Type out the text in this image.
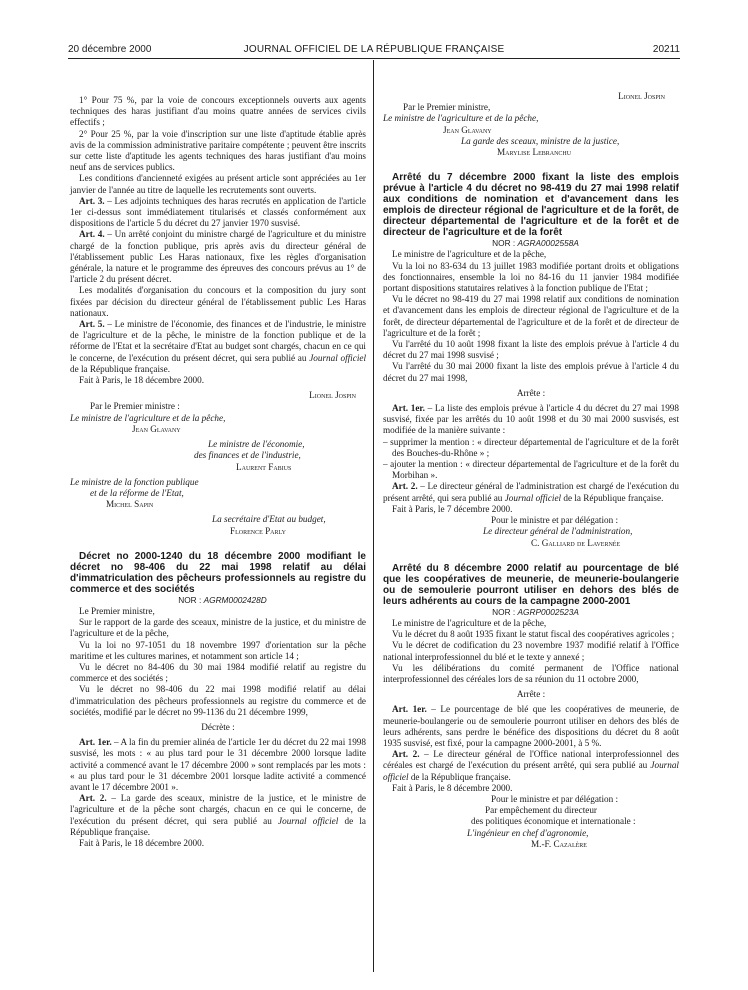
20 décembre 2000	JOURNAL OFFICIEL DE LA RÉPUBLIQUE FRANÇAISE	20211

1° Pour 75 %, par la voie de concours exceptionnels ouverts aux agents techniques des haras justifiant d'au moins quatre années de services civils effectifs ;

2° Pour 25 %, par la voie d'inscription sur une liste d'aptitude établie après avis de la commission administrative paritaire compétente ; peuvent être inscrits sur cette liste d'aptitude les agents techniques des haras justifiant d'au moins neuf ans de services publics.

Les conditions d'ancienneté exigées au présent article sont appréciées au 1er janvier de l'année au titre de laquelle les recrutements sont ouverts.

Art. 3. – Les adjoints techniques des haras recrutés en application de l'article 1er ci-dessus sont immédiatement titularisés et classés conformément aux dispositions de l'article 5 du décret du 27 janvier 1970 susvisé.

Art. 4. – Un arrêté conjoint du ministre chargé de l'agriculture et du ministre chargé de la fonction publique, pris après avis du directeur général de l'établissement public Les Haras nationaux, fixe les règles d'organisation générale, la nature et le programme des épreuves des concours prévus au 1° de l'article 2 du présent décret.

Les modalités d'organisation du concours et la composition du jury sont fixées par décision du directeur général de l'établissement public Les Haras nationaux.

Art. 5. – Le ministre de l'économie, des finances et de l'industrie, le ministre de l'agriculture et de la pêche, le ministre de la fonction publique et de la réforme de l'Etat et la secrétaire d'Etat au budget sont chargés, chacun en ce qui le concerne, de l'exécution du présent décret, qui sera publié au Journal officiel de la République française.

Fait à Paris, le 18 décembre 2000.

Lionel Jospin

Par le Premier ministre :

Le ministre de l'agriculture et de la pêche,

Jean Glavany

Le ministre de l'économie,

des finances et de l'industrie,

Laurent Fabius

Le ministre de la fonction publique

et de la réforme de l'Etat,

Michel Sapin

La secrétaire d'Etat au budget,

Florence Parly

Décret no 2000-1240 du 18 décembre 2000 modifiant le décret no 98-406 du 22 mai 1998 relatif au délai d'immatriculation des pêcheurs professionnels au registre du commerce et des sociétés

NOR : AGRM0002428D

Le Premier ministre,

Sur le rapport de la garde des sceaux, ministre de la justice, et du ministre de l'agriculture et de la pêche,

Vu la loi no 97-1051 du 18 novembre 1997 d'orientation sur la pêche maritime et les cultures marines, et notamment son article 14 ;

Vu le décret no 84-406 du 30 mai 1984 modifié relatif au registre du commerce et des sociétés ;

Vu le décret no 98-406 du 22 mai 1998 modifié relatif au délai d'immatriculation des pêcheurs professionnels au registre du commerce et de sociétés, modifié par le décret no 99-1136 du 21 décembre 1999,

Décrète :

Art. 1er. – A la fin du premier alinéa de l'article 1er du décret du 22 mai 1998 susvisé, les mots : « au plus tard pour le 31 décembre 2000 lorsque ladite activité a commencé avant le 17 décembre 2000 » sont remplacés par les mots : « au plus tard pour le 31 décembre 2001 lorsque ladite activité a commencé avant le 17 décembre 2001 ».

Art. 2. – La garde des sceaux, ministre de la justice, et le ministre de l'agriculture et de la pêche sont chargés, chacun en ce qui le concerne, de l'exécution du présent décret, qui sera publié au Journal officiel de la République française.

Fait à Paris, le 18 décembre 2000.

Lionel Jospin

Par le Premier ministre,

Le ministre de l'agriculture et de la pêche,

Jean Glavany

La garde des sceaux, ministre de la justice,

Marylise Lebranchu

Arrêté du 7 décembre 2000 fixant la liste des emplois prévue à l'article 4 du décret no 98-419 du 27 mai 1998 relatif aux conditions de nomination et d'avancement dans les emplois de directeur régional de l'agriculture et de la forêt, de directeur départemental de l'agriculture et de la forêt et de directeur de l'agriculture et de la forêt

NOR : AGRA0002558A

Le ministre de l'agriculture et de la pêche,

Vu la loi no 83-634 du 13 juillet 1983 modifiée portant droits et obligations des fonctionnaires, ensemble la loi no 84-16 du 11 janvier 1984 modifiée portant dispositions statutaires relatives à la fonction publique de l'Etat ;

Vu le décret no 98-419 du 27 mai 1998 relatif aux conditions de nomination et d'avancement dans les emplois de directeur régional de l'agriculture et de la forêt, de directeur départemental de l'agriculture et de la forêt et de directeur de l'agriculture et de la forêt ;

Vu l'arrêté du 10 août 1998 fixant la liste des emplois prévue à l'article 4 du décret du 27 mai 1998 susvisé ;

Vu l'arrêté du 30 mai 2000 fixant la liste des emplois prévue à l'article 4 du décret du 27 mai 1998,

Arrête :

Art. 1er. – La liste des emplois prévue à l'article 4 du décret du 27 mai 1998 susvisé, fixée par les arrêtés du 10 août 1998 et du 30 mai 2000 susvisés, est modifiée de la manière suivante :

– supprimer la mention : « directeur départemental de l'agriculture et de la forêt des Bouches-du-Rhône » ;

– ajouter la mention : « directeur départemental de l'agriculture et de la forêt du Morbihan ».

Art. 2. – Le directeur général de l'administration est chargé de l'exécution du présent arrêté, qui sera publié au Journal officiel de la République française.

Fait à Paris, le 7 décembre 2000.

Pour le ministre et par délégation :

Le directeur général de l'administration,

C. Galliard de Lavernée

Arrêté du 8 décembre 2000 relatif au pourcentage de blé que les coopératives de meunerie, de meunerie-boulangerie ou de semoulerie pourront utiliser en dehors des blés de leurs adhérents au cours de la campagne 2000-2001

NOR : AGRP0002523A

Le ministre de l'agriculture et de la pêche,

Vu le décret du 8 août 1935 fixant le statut fiscal des coopératives agricoles ;

Vu le décret de codification du 23 novembre 1937 modifié relatif à l'Office national interprofessionnel du blé et le texte y annexé ;

Vu les délibérations du comité permanent de l'Office national interprofessionnel des céréales lors de sa réunion du 11 octobre 2000,

Arrête :

Art. 1er. – Le pourcentage de blé que les coopératives de meunerie, de meunerie-boulangerie ou de semoulerie pourront utiliser en dehors des blés de leurs adhérents, sans perdre le bénéfice des dispositions du décret du 8 août 1935 susvisé, est fixé, pour la campagne 2000-2001, à 5 %.

Art. 2. – Le directeur général de l'Office national interprofessionnel des céréales est chargé de l'exécution du présent arrêté, qui sera publié au Journal officiel de la République française.

Fait à Paris, le 8 décembre 2000.

Pour le ministre et par délégation :

Par empêchement du directeur

des politiques économique et internationale :

L'ingénieur en chef d'agronomie,

M.-F. Cazalère
